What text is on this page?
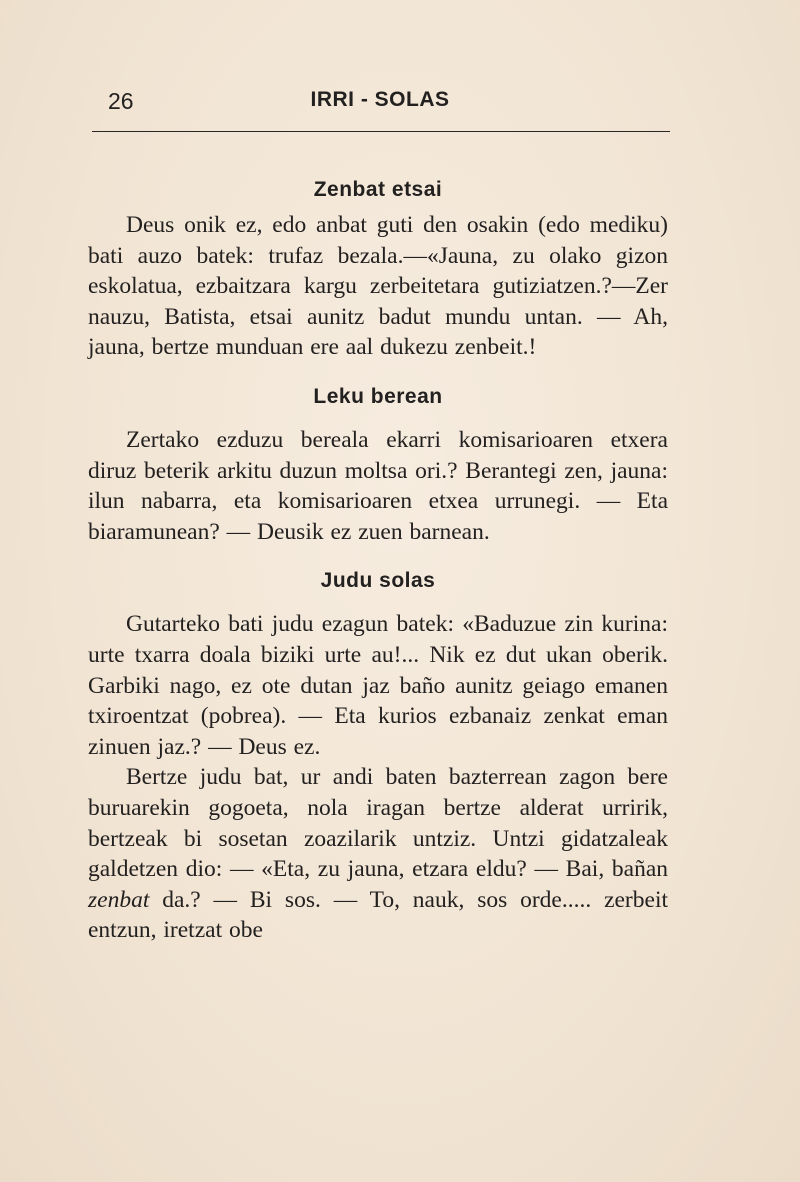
26	IRRI - SOLAS
Zenbat etsai

Deus onik ez, edo anbat guti den osakin (edo mediku) bati auzo batek: trufaz bezala.—«Jauna, zu olako gizon eskolatua, ezbaitzara kargu zerbeitetara gutiziatzen.?—Zer nauzu, Batista, etsai aunitz badut mundu untan. — Ah, jauna, bertze munduan ere aal dukezu zenbeit.!

Leku berean

Zertako ezduzu bereala ekarri komisarioaren etxera diruz beterik arkitu duzun moltsa ori.? Berantegi zen, jauna: ilun nabarra, eta komisarioaren etxea urrunegi. — Eta biaramunean? — Deusik ez zuen barnean.

Judu solas

Gutarteko bati judu ezagun batek: «Baduzue zin kurina: urte txarra doala biziki urte au!... Nik ez dut ukan oberik. Garbiki nago, ez ote dutan jaz baño aunitz geiago emanen txiroentzat (pobrea). — Eta kurios ezbanaiz zenkat eman zinuen jaz.? — Deus ez.

Bertze judu bat, ur andi baten bazterrean zagon bere buruarekin gogoeta, nola iragan bertze alderat urririk, bertzeak bi sosetan zoazilarik untziz. Untzi gidatzaleak galdetzen dio: — «Eta, zu jauna, etzara eldu? — Bai, bañan zenbat da.? — Bi sos. — To, nauk, sos orde..... zerbeit entzun, iretzat obe
